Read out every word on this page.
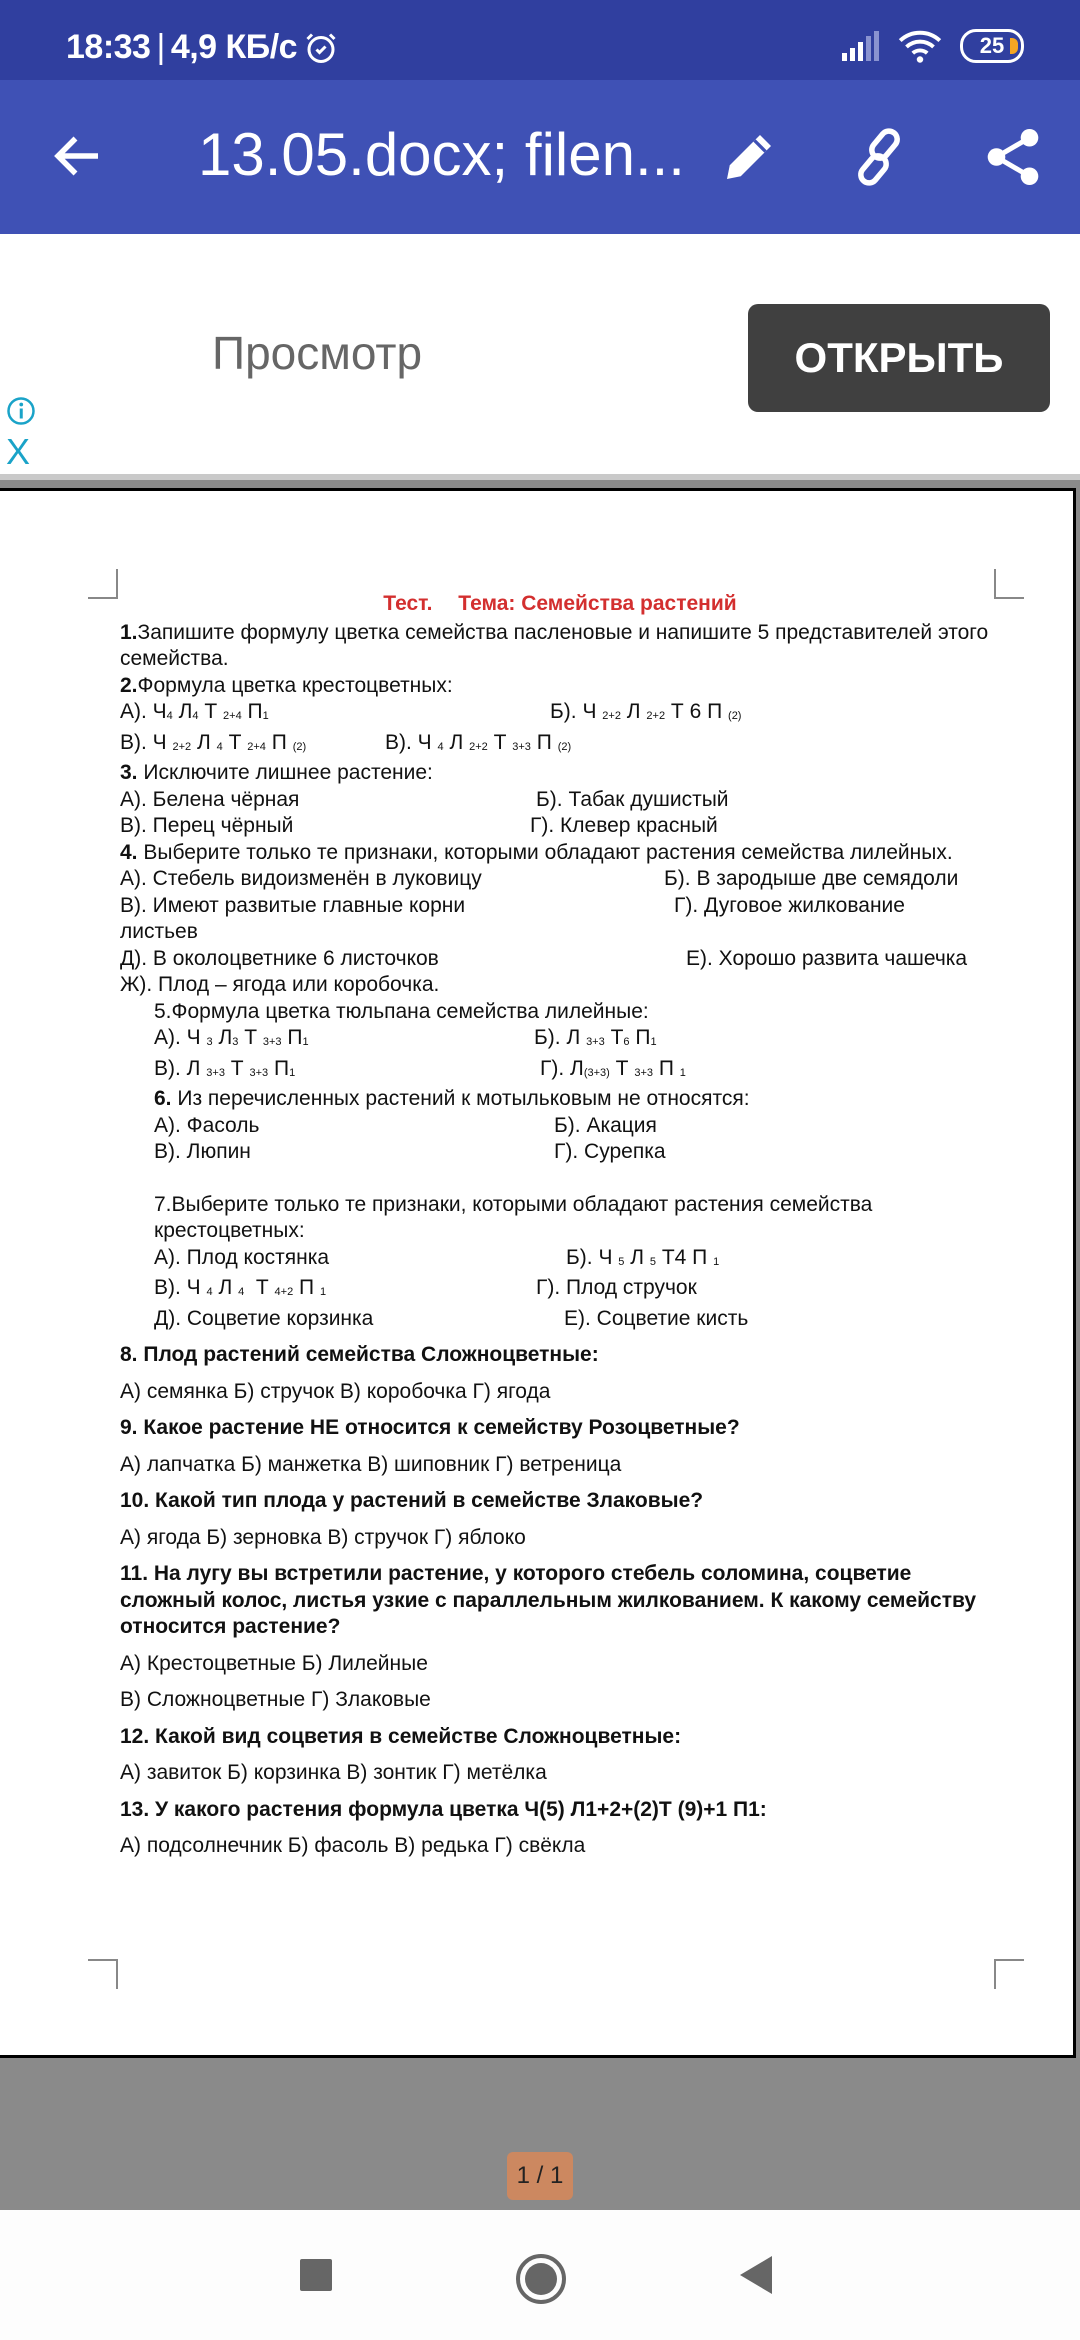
18:33 | 4,9 КБ/с	25
13.05.docx; filen...
Просмотр	ОТКРЫТЬ
X
Тест. Тема: Семейства растений
1.Запишите формулу цветка семейства пасленовые и напишите 5 представителей этого семейства.
2.Формула цветка крестоцветных:
А). $Ч_4$ $Л_4$ Т $_{2+4}$ $П_1$	Б). Ч $_{2+2}$ Л $_{2+2}$ Т 6 П $_{(2)}$
В). Ч $_{2+2}$ Л $_4$ Т $_{2+4}$ П $_{(2)}$	В). Ч $_4$ Л $_{2+2}$ Т $_{3+3}$ П $_{(2)}$
3. Исключите лишнее растение:
А). Белена чёрная	Б). Табак душистый
В). Перец чёрный	Г). Клевер красный
4. Выберите только те признаки, которыми обладают растения семейства лилейных.
А). Стебель видоизменён в луковицу	Б). В зародыше две семядоли
В). Имеют развитые главные корни	Г). Дуговое жилкование
листьев
Д). В околоцветнике 6 листочков	Е). Хорошо развита чашечка
Ж). Плод – ягода или коробочка.
5.Формула цветка тюльпана семейства лилейные:
А). Ч $_3$ $Л_3$ Т $_{3+3}$ $П_1$	Б). Л $_{3+3}$ $Т_6$ $П_1$
В). Л $_{3+3}$ Т $_{3+3}$ $П_1$	Г). $Л_{(3+3)}$ Т $_{3+3}$ П $_1$
6. Из перечисленных растений к мотыльковым не относятся:
А). Фасоль	Б). Акация
В). Люпин	Г). Сурепка
7.Выберите только те признаки, которыми обладают растения семейства крестоцветных:
А). Плод костянка	Б). Ч $_5$ Л $_5$ Т4 П $_1$
В). Ч $_4$ Л $_4$  Т $_{4+2}$ П $_1$	Г). Плод стручок
Д). Соцветие корзинка	Е). Соцветие кисть
8. Плод растений семейства Сложноцветные:
А) семянка Б) стручок В) коробочка Г) ягода
9. Какое растение НЕ относится к семейству Розоцветные?
А) лапчатка Б) манжетка В) шиповник Г) ветреница
10. Какой тип плода у растений в семействе Злаковые?
А) ягода Б) зерновка В) стручок Г) яблоко
11. На лугу вы встретили растение, у которого стебель соломина, соцветие сложный колос, листья узкие с параллельным жилкованием. К какому семейству относится растение?
А) Крестоцветные Б) Лилейные
В) Сложноцветные Г) Злаковые
12. Какой вид соцветия в семействе Сложноцветные:
А) завиток Б) корзинка В) зонтик Г) метёлка
13. У какого растения формула цветка Ч(5) Л1+2+(2)Т (9)+1 П1:
А) подсолнечник Б) фасоль В) редька Г) свёкла
1 / 1
